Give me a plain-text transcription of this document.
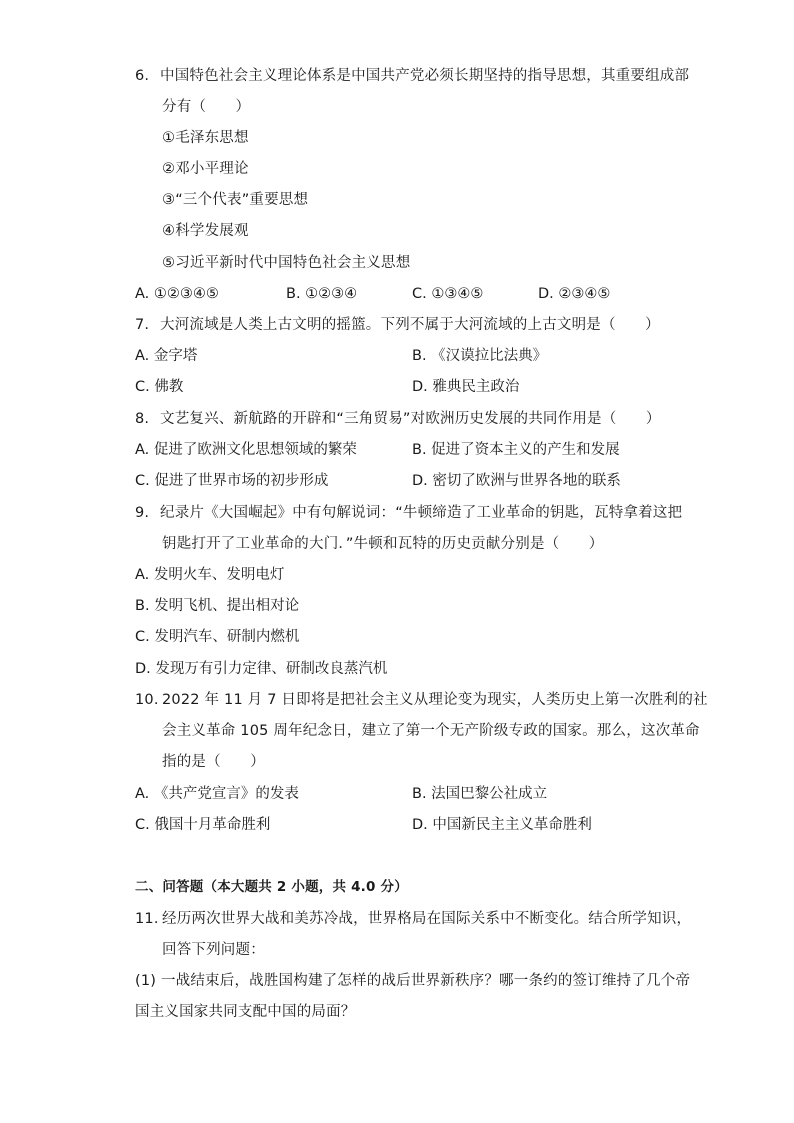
6. 中国特色社会主义理论体系是中国共产党必须长期坚持的指导思想，其重要组成部
分有（　　）
①毛泽东思想
②邓小平理论
③“三个代表”重要思想
④科学发展观
⑤习近平新时代中国特色社会主义思想
A. ①②③④⑤	B. ①②③④	C. ①③④⑤	D. ②③④⑤
7. 大河流域是人类上古文明的摇篮。下列不属于大河流域的上古文明是（　　）
A. 金字塔	B. 《汉谟拉比法典》
C. 佛教	D. 雅典民主政治
8. 文艺复兴、新航路的开辟和“三角贸易”对欧洲历史发展的共同作用是（　　）
A. 促进了欧洲文化思想领域的繁荣	B. 促进了资本主义的产生和发展
C. 促进了世界市场的初步形成	D. 密切了欧洲与世界各地的联系
9. 纪录片《大国崛起》中有句解说词：“牛顿缔造了工业革命的钥匙，瓦特拿着这把
钥匙打开了工业革命的大门．”牛顿和瓦特的历史贡献分别是（　　）
A. 发明火车、发明电灯
B. 发明飞机、提出相对论
C. 发明汽车、研制内燃机
D. 发现万有引力定律、研制改良蒸汽机
10. 2022 年 11 月 7 日即将是把社会主义从理论变为现实，人类历史上第一次胜利的社
会主义革命 105 周年纪念日，建立了第一个无产阶级专政的国家。那么，这次革命
指的是（　　）
A. 《共产党宣言》的发表	B. 法国巴黎公社成立
C. 俄国十月革命胜利	D. 中国新民主主义革命胜利
二、问答题（本大题共 2 小题，共 4.0 分）
11. 经历两次世界大战和美苏冷战，世界格局在国际关系中不断变化。结合所学知识，
回答下列问题：
(1) 一战结束后，战胜国构建了怎样的战后世界新秩序？哪一条约的签订维持了几个帝
国主义国家共同支配中国的局面？
